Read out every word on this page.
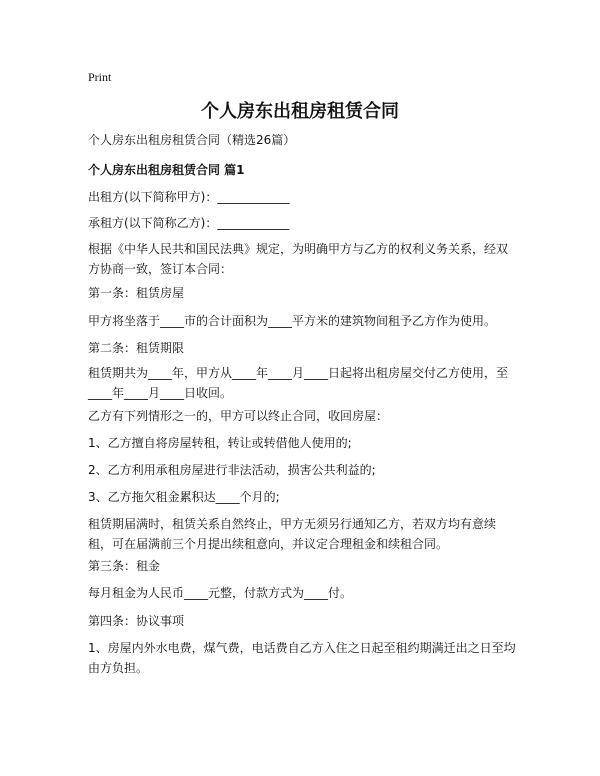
Print
个人房东出租房租赁合同

个人房东出租房租赁合同（精选26篇）

个人房东出租房租赁合同 篇1

出租方(以下简称甲方)：____________

承租方(以下简称乙方)：____________

根据《中华人民共和国民法典》规定，为明确甲方与乙方的权利义务关系，经双方协商一致，签订本合同：

第一条：租赁房屋

甲方将坐落于____市的合计面积为____平方米的建筑物间租予乙方作为使用。

第二条：租赁期限

租赁期共为____年，甲方从____年____月____日起将出租房屋交付乙方使用，至____年____月____日收回。

乙方有下列情形之一的，甲方可以终止合同，收回房屋：

1、乙方擅自将房屋转租，转让或转借他人使用的;

2、乙方利用承租房屋进行非法活动，损害公共利益的;

3、乙方拖欠租金累积达____个月的;

租赁期届满时，租赁关系自然终止，甲方无须另行通知乙方，若双方均有意续租，可在届满前三个月提出续租意向，并议定合理租金和续租合同。

第三条：租金

每月租金为人民币____元整，付款方式为____付。

第四条：协议事项

1、房屋内外水电费，煤气费，电话费自乙方入住之日起至租约期满迁出之日至均由方负担。
